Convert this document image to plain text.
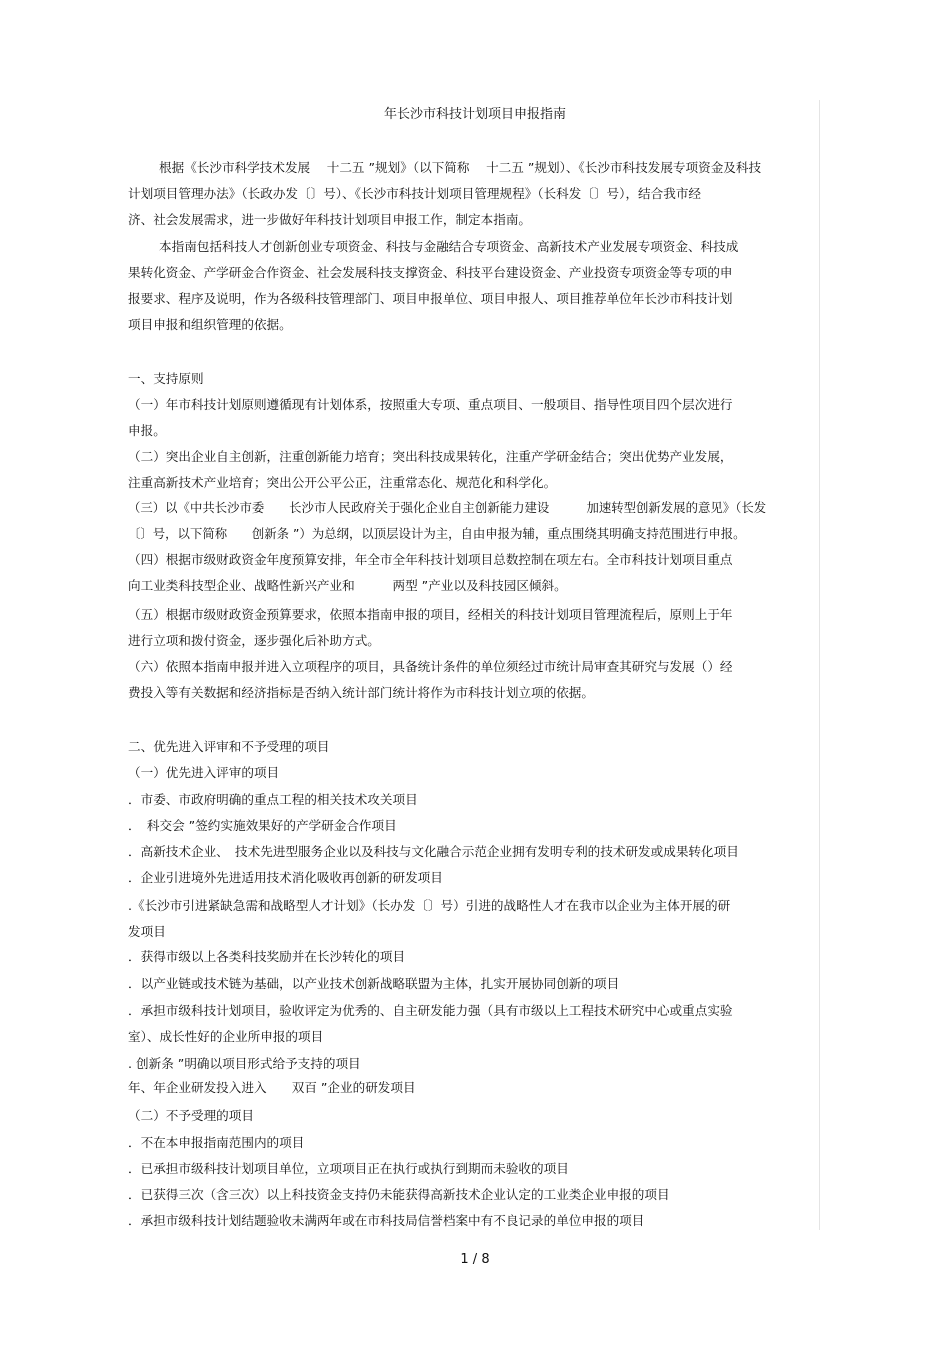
年长沙市科技计划项目申报指南
根据《长沙市科学技术发展　 十二五 ”规划》（以下简称　 十二五 ”规划）、《长沙市科技发展专项资金及科技
计划项目管理办法》（长政办发〔〕号）、《长沙市科技计划项目管理规程》（长科发〔〕号），结合我市经
济、社会发展需求，进一步做好年科技计划项目申报工作，制定本指南。
本指南包括科技人才创新创业专项资金、科技与金融结合专项资金、高新技术产业发展专项资金、科技成
果转化资金、产学研金合作资金、社会发展科技支撑资金、科技平台建设资金、产业投资专项资金等专项的申
报要求、程序及说明，作为各级科技管理部门、项目申报单位、项目申报人、项目推荐单位年长沙市科技计划
项目申报和组织管理的依据。
一、支持原则
（一）年市科技计划原则遵循现有计划体系，按照重大专项、重点项目、一般项目、指导性项目四个层次进行
申报。
（二）突出企业自主创新，注重创新能力培育；突出科技成果转化，注重产学研金结合；突出优势产业发展，
注重高新技术产业培育；突出公开公平公正，注重常态化、规范化和科学化。
（三）以《中共长沙市委　　长沙市人民政府关于强化企业自主创新能力建设　　　加速转型创新发展的意见》（长发
〔〕号，以下简称　　创新条 ”）为总纲，以顶层设计为主，自由申报为辅，重点围绕其明确支持范围进行申报。
（四）根据市级财政资金年度预算安排，年全市全年科技计划项目总数控制在项左右。全市科技计划项目重点
向工业类科技型企业、战略性新兴产业和　　　两型 ”产业以及科技园区倾斜。
（五）根据市级财政资金预算要求，依照本指南申报的项目，经相关的科技计划项目管理流程后，原则上于年
进行立项和拨付资金，逐步强化后补助方式。
（六）依照本指南申报并进入立项程序的项目，具备统计条件的单位须经过市统计局审查其研究与发展（）经
费投入等有关数据和经济指标是否纳入统计部门统计将作为市科技计划立项的依据。
二、优先进入评审和不予受理的项目
（一）优先进入评审的项目
．市委、市政府明确的重点工程的相关技术攻关项目
．　科交会 ”签约实施效果好的产学研金合作项目
．高新技术企业、　技术先进型服务企业以及科技与文化融合示范企业拥有发明专利的技术研发或成果转化项目
．企业引进境外先进适用技术消化吸收再创新的研发项目
.《长沙市引进紧缺急需和战略型人才计划》（长办发〔〕号）引进的战略性人才在我市以企业为主体开展的研
发项目
．获得市级以上各类科技奖励并在长沙转化的项目
．以产业链或技术链为基础，以产业技术创新战略联盟为主体，扎实开展协同创新的项目
．承担市级科技计划项目，验收评定为优秀的、自主研发能力强（具有市级以上工程技术研究中心或重点实验
室）、成长性好的企业所申报的项目
. 创新条 ”明确以项目形式给予支持的项目
年、年企业研发投入进入　　双百 ”企业的研发项目
（二）不予受理的项目
．不在本申报指南范围内的项目
．已承担市级科技计划项目单位，立项项目正在执行或执行到期而未验收的项目
．已获得三次（含三次）以上科技资金支持仍未能获得高新技术企业认定的工业类企业申报的项目
．承担市级科技计划结题验收未满两年或在市科技局信誉档案中有不良记录的单位申报的项目
1 / 8
